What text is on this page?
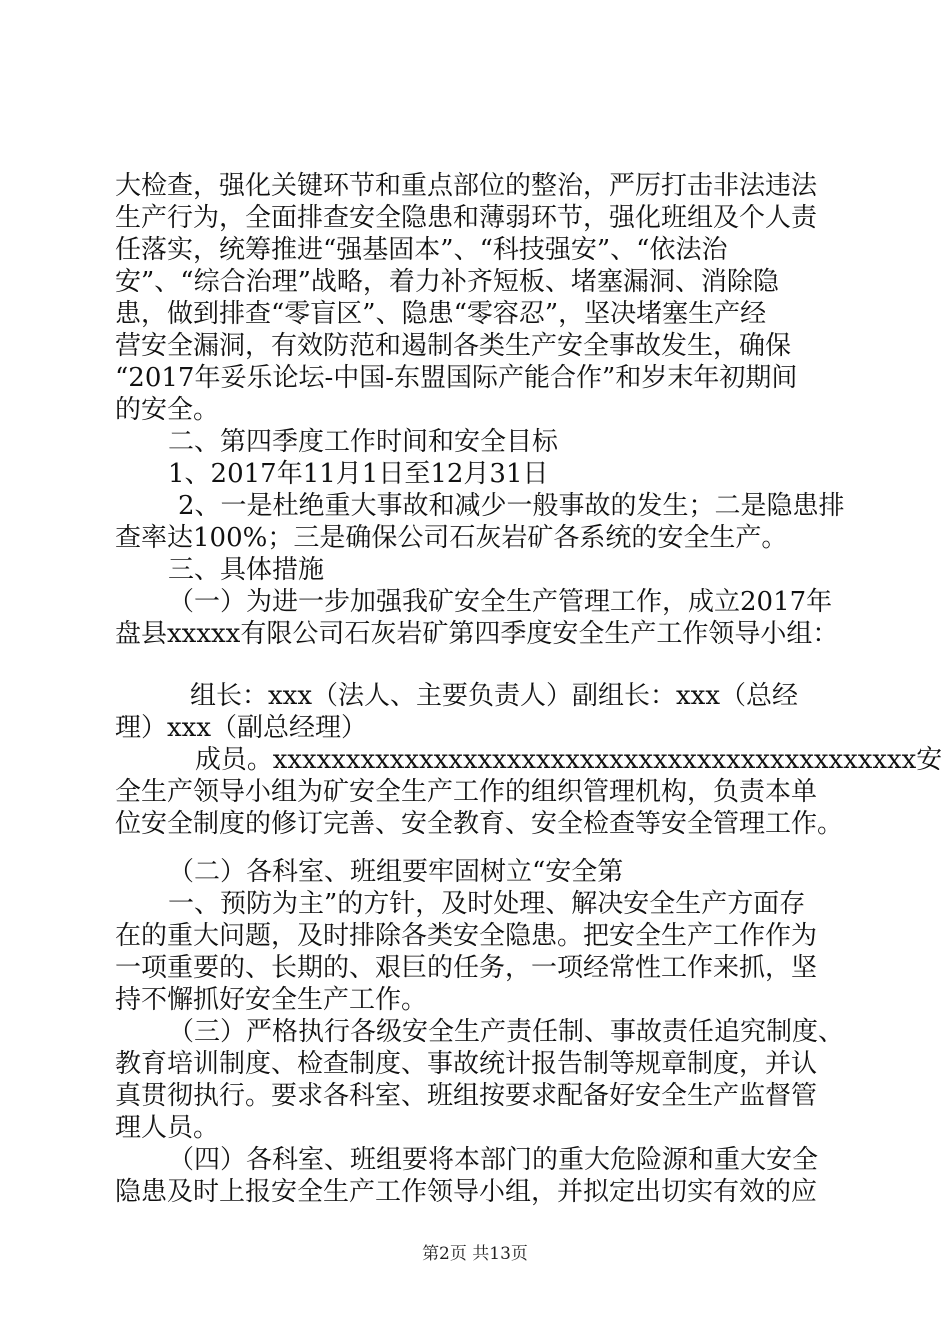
大检查，强化关键环节和重点部位的整治，严厉打击非法违法
生产行为，全面排查安全隐患和薄弱环节，强化班组及个人责
任落实，统筹推进“强基固本”、“科技强安”、“依法治
安”、“综合治理”战略，着力补齐短板、堵塞漏洞、消除隐
患，做到排查“零盲区”、隐患“零容忍”，坚决堵塞生产经
营安全漏洞，有效防范和遏制各类生产安全事故发生，确保
“2017年妥乐论坛-中国-东盟国际产能合作”和岁末年初期间
的安全。
二、第四季度工作时间和安全目标
1、2017年11月1日至12月31日
2、一是杜绝重大事故和减少一般事故的发生；二是隐患排
查率达100%；三是确保公司石灰岩矿各系统的安全生产。
三、具体措施
（一）为进一步加强我矿安全生产管理工作，成立2017年
盘县xxxxx有限公司石灰岩矿第四季度安全生产工作领导小组：
组长：xxx（法人、主要负责人）副组长：xxx（总经
理）xxx（副总经理）
成员。xxxxxxxxxxxxxxxxxxxxxxxxxxxxxxxxxxxxxxxxxxxx安
全生产领导小组为矿安全生产工作的组织管理机构，负责本单
位安全制度的修订完善、安全教育、安全检查等安全管理工作。
（二）各科室、班组要牢固树立“安全第
一、预防为主”的方针，及时处理、解决安全生产方面存
在的重大问题，及时排除各类安全隐患。把安全生产工作作为
一项重要的、长期的、艰巨的任务，一项经常性工作来抓，坚
持不懈抓好安全生产工作。
（三）严格执行各级安全生产责任制、事故责任追究制度、
教育培训制度、检查制度、事故统计报告制等规章制度，并认
真贯彻执行。要求各科室、班组按要求配备好安全生产监督管
理人员。
（四）各科室、班组要将本部门的重大危险源和重大安全
隐患及时上报安全生产工作领导小组，并拟定出切实有效的应
第2页 共13页
